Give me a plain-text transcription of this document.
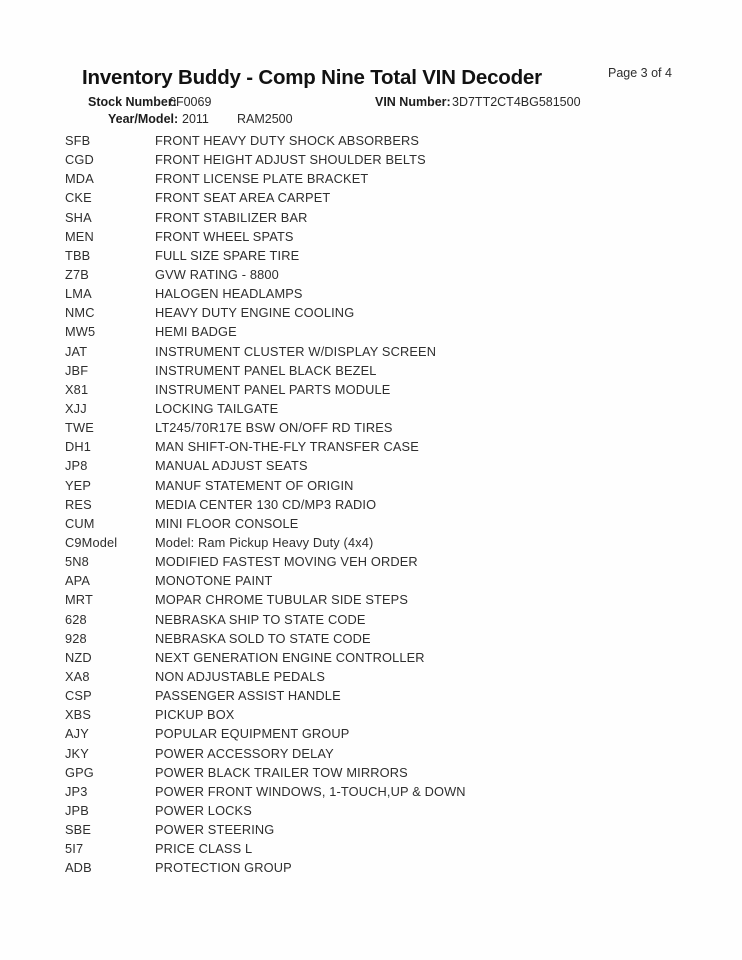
Inventory Buddy - Comp Nine Total VIN Decoder	Page 3 of 4
Stock Number:
6F0069	VIN Number: 3D7TT2CT4BG581500
Year/Model: 2011 RAM2500
SFB	FRONT HEAVY DUTY SHOCK ABSORBERS
CGD	FRONT HEIGHT ADJUST SHOULDER BELTS
MDA	FRONT LICENSE PLATE BRACKET
CKE	FRONT SEAT AREA CARPET
SHA	FRONT STABILIZER BAR
MEN	FRONT WHEEL SPATS
TBB	FULL SIZE SPARE TIRE
Z7B	GVW RATING - 8800
LMA	HALOGEN HEADLAMPS
NMC	HEAVY DUTY ENGINE COOLING
MW5	HEMI BADGE
JAT	INSTRUMENT CLUSTER W/DISPLAY SCREEN
JBF	INSTRUMENT PANEL BLACK BEZEL
X81	INSTRUMENT PANEL PARTS MODULE
XJJ	LOCKING TAILGATE
TWE	LT245/70R17E BSW ON/OFF RD TIRES
DH1	MAN SHIFT-ON-THE-FLY TRANSFER CASE
JP8	MANUAL ADJUST SEATS
YEP	MANUF STATEMENT OF ORIGIN
RES	MEDIA CENTER 130 CD/MP3 RADIO
CUM	MINI FLOOR CONSOLE
C9Model	Model: Ram Pickup Heavy Duty (4x4)
5N8	MODIFIED FASTEST MOVING VEH ORDER
APA	MONOTONE PAINT
MRT	MOPAR CHROME TUBULAR SIDE STEPS
628	NEBRASKA SHIP TO STATE CODE
928	NEBRASKA SOLD TO STATE CODE
NZD	NEXT GENERATION ENGINE CONTROLLER
XA8	NON ADJUSTABLE PEDALS
CSP	PASSENGER ASSIST HANDLE
XBS	PICKUP BOX
AJY	POPULAR EQUIPMENT GROUP
JKY	POWER ACCESSORY DELAY
GPG	POWER BLACK TRAILER TOW MIRRORS
JP3	POWER FRONT WINDOWS, 1-TOUCH,UP & DOWN
JPB	POWER LOCKS
SBE	POWER STEERING
5I7	PRICE CLASS L
ADB	PROTECTION GROUP
